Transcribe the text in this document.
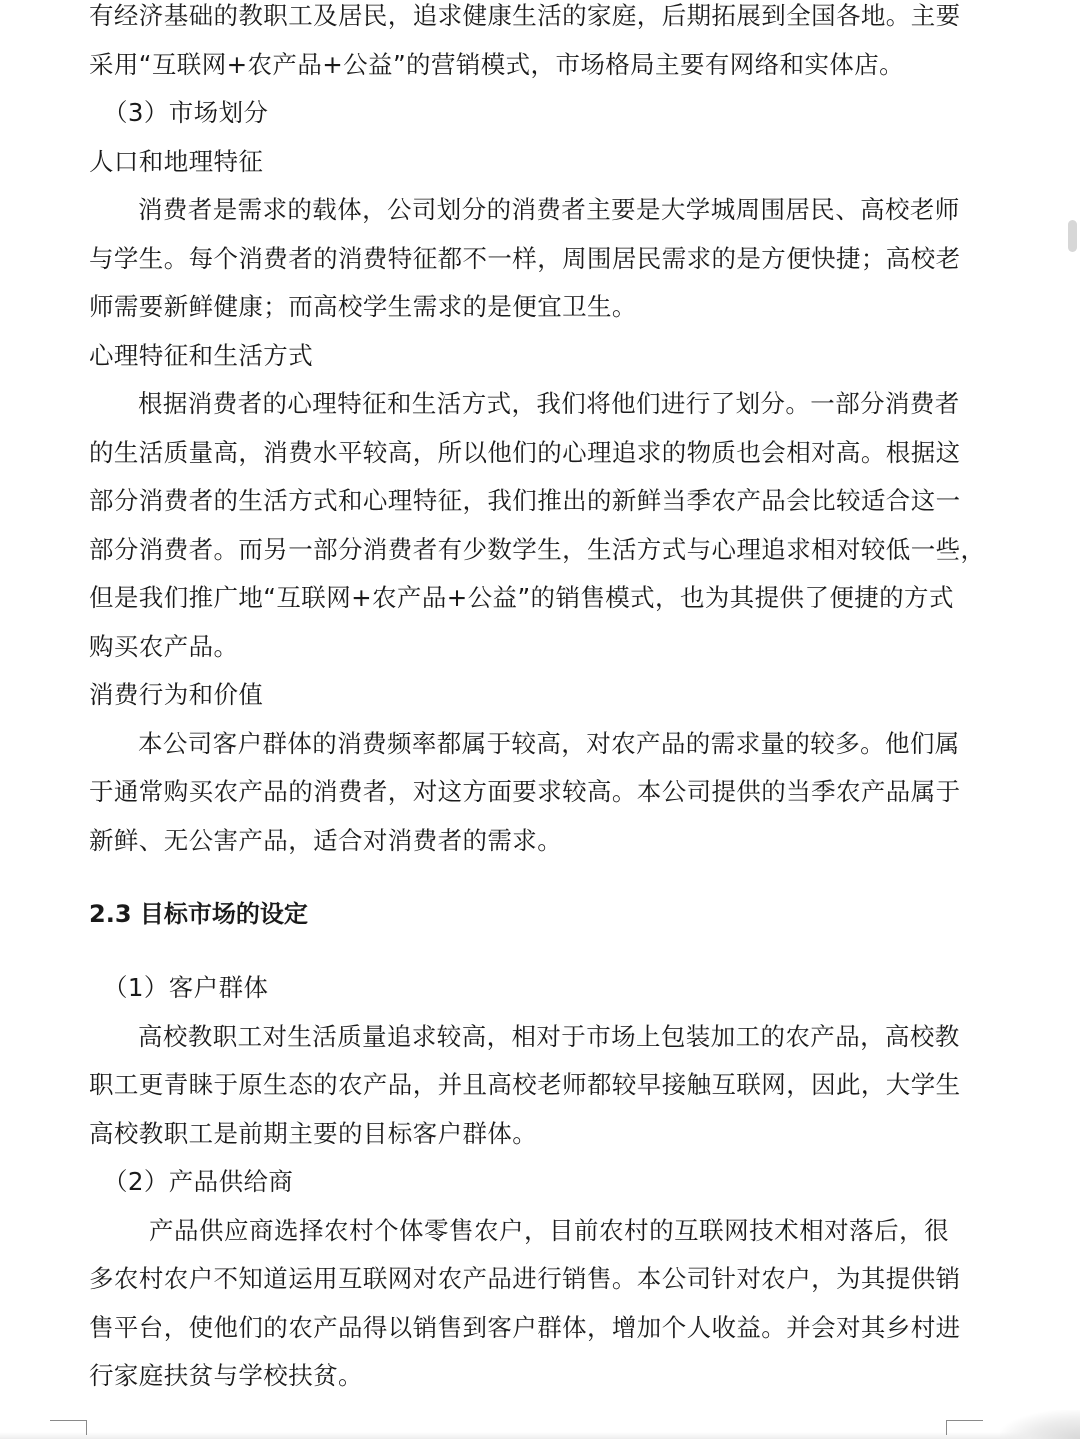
有经济基础的教职工及居民，追求健康生活的家庭，后期拓展到全国各地。主要
采用“互联网+农产品+公益”的营销模式，市场格局主要有网络和实体店。
（3）市场划分
人口和地理特征
消费者是需求的载体，公司划分的消费者主要是大学城周围居民、高校老师
与学生。每个消费者的消费特征都不一样，周围居民需求的是方便快捷；高校老
师需要新鲜健康；而高校学生需求的是便宜卫生。
心理特征和生活方式
根据消费者的心理特征和生活方式，我们将他们进行了划分。一部分消费者
的生活质量高，消费水平较高，所以他们的心理追求的物质也会相对高。根据这
部分消费者的生活方式和心理特征，我们推出的新鲜当季农产品会比较适合这一
部分消费者。而另一部分消费者有少数学生，生活方式与心理追求相对较低一些，
但是我们推广地“互联网+农产品+公益”的销售模式，也为其提供了便捷的方式
购买农产品。
消费行为和价值
本公司客户群体的消费频率都属于较高，对农产品的需求量的较多。他们属
于通常购买农产品的消费者，对这方面要求较高。本公司提供的当季农产品属于
新鲜、无公害产品，适合对消费者的需求。
2.3 目标市场的设定
（1）客户群体
高校教职工对生活质量追求较高，相对于市场上包装加工的农产品，高校教
职工更青睐于原生态的农产品，并且高校老师都较早接触互联网，因此，大学生
高校教职工是前期主要的目标客户群体。
（2）产品供给商
产品供应商选择农村个体零售农户，目前农村的互联网技术相对落后，很
多农村农户不知道运用互联网对农产品进行销售。本公司针对农户，为其提供销
售平台，使他们的农产品得以销售到客户群体，增加个人收益。并会对其乡村进
行家庭扶贫与学校扶贫。
